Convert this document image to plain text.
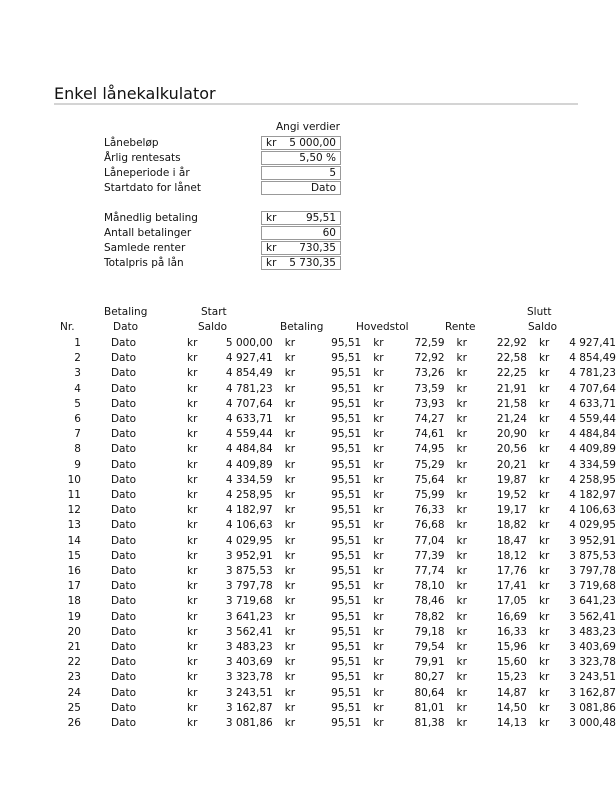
Enkel lånekalkulator
Angi verdier
Lånebeløp	kr 5 000,00
Årlig rentesats	5,50 %
Låneperiode i år	5
Startdato for lånet	Dato
Månedlig betaling	kr	95,51
Antall betalinger	60
Samlede renter	kr 730,35
Totalpris på lån	kr 5 730,35
Betaling	Start	Slutt
Nr.	Dato	Saldo	Betaling	Hovedstol	Rente	Saldo
1	Dato	kr	5 000,00	kr	95,51	kr	72,59	kr	22,92	kr	4 927,41
2	Dato	kr	4 927,41	kr	95,51	kr	72,92	kr	22,58	kr	4 854,49
3	Dato	kr	4 854,49	kr	95,51	kr	73,26	kr	22,25	kr	4 781,23
4	Dato	kr	4 781,23	kr	95,51	kr	73,59	kr	21,91	kr	4 707,64
5	Dato	kr	4 707,64	kr	95,51	kr	73,93	kr	21,58	kr	4 633,71
6	Dato	kr	4 633,71	kr	95,51	kr	74,27	kr	21,24	kr	4 559,44
7	Dato	kr	4 559,44	kr	95,51	kr	74,61	kr	20,90	kr	4 484,84
8	Dato	kr	4 484,84	kr	95,51	kr	74,95	kr	20,56	kr	4 409,89
9	Dato	kr	4 409,89	kr	95,51	kr	75,29	kr	20,21	kr	4 334,59
10	Dato	kr	4 334,59	kr	95,51	kr	75,64	kr	19,87	kr	4 258,95
11	Dato	kr	4 258,95	kr	95,51	kr	75,99	kr	19,52	kr	4 182,97
12	Dato	kr	4 182,97	kr	95,51	kr	76,33	kr	19,17	kr	4 106,63
13	Dato	kr	4 106,63	kr	95,51	kr	76,68	kr	18,82	kr	4 029,95
14	Dato	kr	4 029,95	kr	95,51	kr	77,04	kr	18,47	kr	3 952,91
15	Dato	kr	3 952,91	kr	95,51	kr	77,39	kr	18,12	kr	3 875,53
16	Dato	kr	3 875,53	kr	95,51	kr	77,74	kr	17,76	kr	3 797,78
17	Dato	kr	3 797,78	kr	95,51	kr	78,10	kr	17,41	kr	3 719,68
18	Dato	kr	3 719,68	kr	95,51	kr	78,46	kr	17,05	kr	3 641,23
19	Dato	kr	3 641,23	kr	95,51	kr	78,82	kr	16,69	kr	3 562,41
20	Dato	kr	3 562,41	kr	95,51	kr	79,18	kr	16,33	kr	3 483,23
21	Dato	kr	3 483,23	kr	95,51	kr	79,54	kr	15,96	kr	3 403,69
22	Dato	kr	3 403,69	kr	95,51	kr	79,91	kr	15,60	kr	3 323,78
23	Dato	kr	3 323,78	kr	95,51	kr	80,27	kr	15,23	kr	3 243,51
24	Dato	kr	3 243,51	kr	95,51	kr	80,64	kr	14,87	kr	3 162,87
25	Dato	kr	3 162,87	kr	95,51	kr	81,01	kr	14,50	kr	3 081,86
26	Dato	kr	3 081,86	kr	95,51	kr	81,38	kr	14,13	kr	3 000,48
